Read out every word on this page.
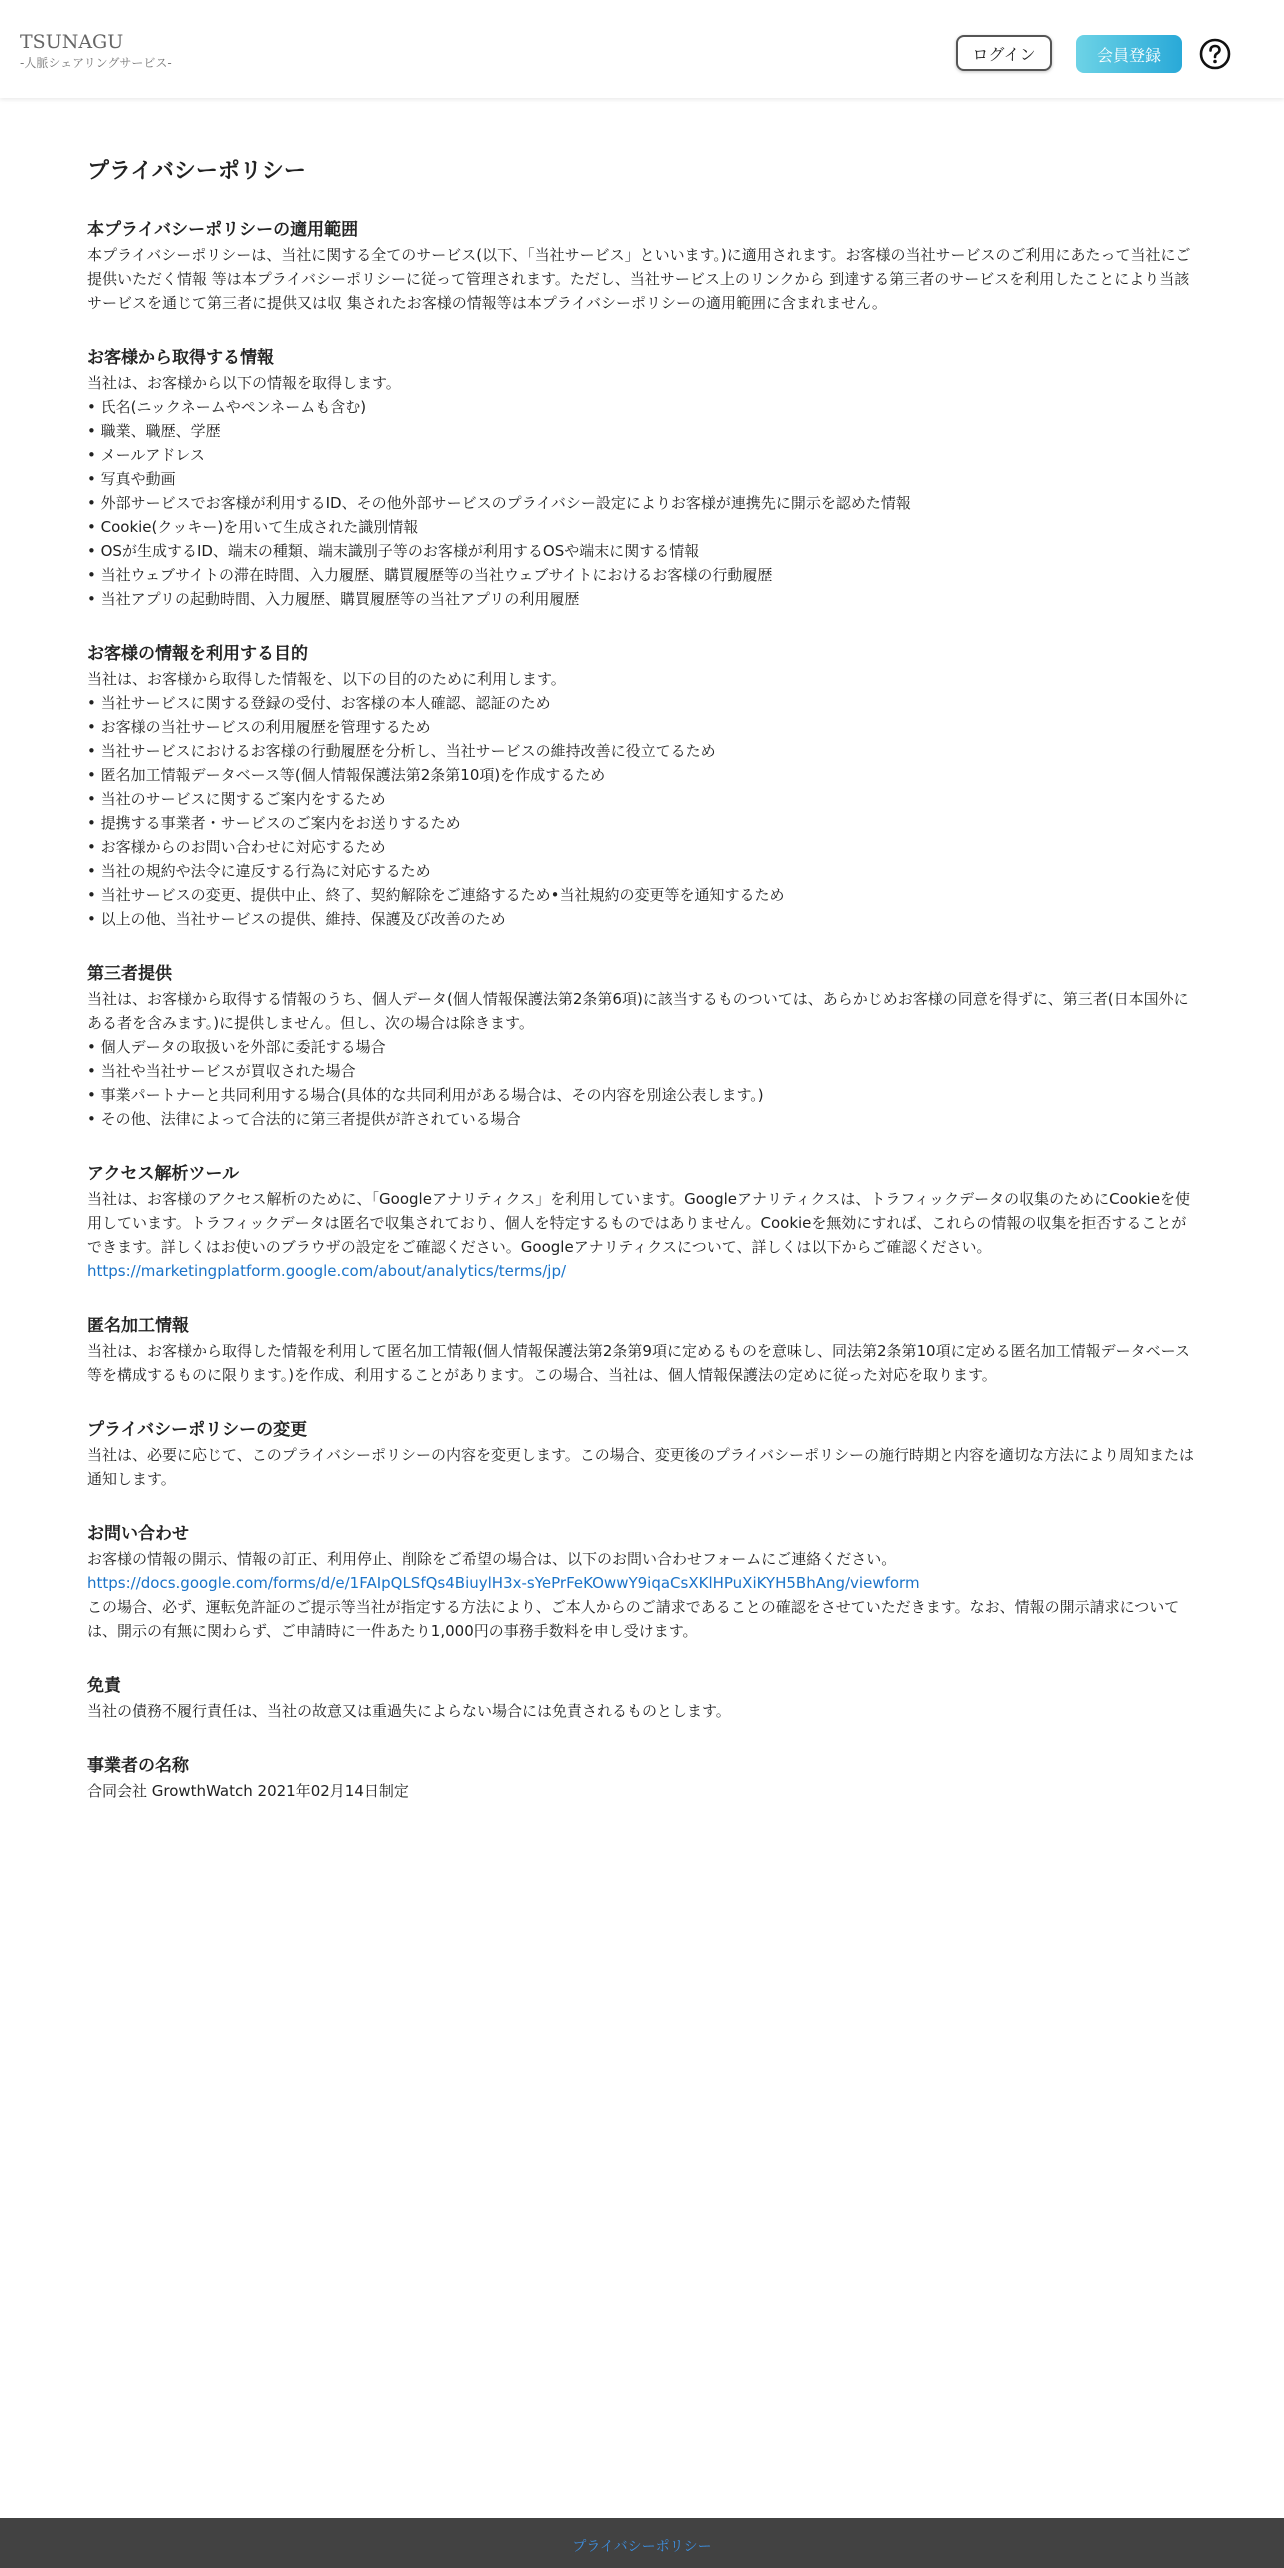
TSUNAGU
-人脈シェアリングサービス-	ログイン	会員登録
プライバシーポリシー
本プライバシーポリシーの適用範囲

本プライバシーポリシーは、当社に関する全てのサービス(以下、「当社サービス」といいます。)に適用されます。お客様の当社サービスのご利用にあたって当社にご提供いただく情報 等は本プライバシーポリシーに従って管理されます。ただし、当社サービス上のリンクから 到達する第三者のサービスを利用したことにより当該サービスを通じて第三者に提供又は収 集されたお客様の情報等は本プライバシーポリシーの適用範囲に含まれません。

お客様から取得する情報

当社は、お客様から以下の情報を取得します。

• 氏名(ニックネームやペンネームも含む)
• 職業、職歴、学歴
• メールアドレス
• 写真や動画
• 外部サービスでお客様が利用するID、その他外部サービスのプライバシー設定によりお客様が連携先に開示を認めた情報
• Cookie(クッキー)を用いて生成された識別情報
• OSが生成するID、端末の種類、端末識別子等のお客様が利用するOSや端末に関する情報
• 当社ウェブサイトの滞在時間、入力履歴、購買履歴等の当社ウェブサイトにおけるお客様の行動履歴
• 当社アプリの起動時間、入力履歴、購買履歴等の当社アプリの利用履歴
お客様の情報を利用する目的

当社は、お客様から取得した情報を、以下の目的のために利用します。

• 当社サービスに関する登録の受付、お客様の本人確認、認証のため
• お客様の当社サービスの利用履歴を管理するため
• 当社サービスにおけるお客様の行動履歴を分析し、当社サービスの維持改善に役立てるため
• 匿名加工情報データベース等(個人情報保護法第2条第10項)を作成するため
• 当社のサービスに関するご案内をするため
• 提携する事業者・サービスのご案内をお送りするため
• お客様からのお問い合わせに対応するため
• 当社の規約や法令に違反する行為に対応するため
• 当社サービスの変更、提供中止、終了、契約解除をご連絡するため•当社規約の変更等を通知するため
• 以上の他、当社サービスの提供、維持、保護及び改善のため
第三者提供

当社は、お客様から取得する情報のうち、個人データ(個人情報保護法第2条第6項)に該当するものついては、あらかじめお客様の同意を得ずに、第三者(日本国外にある者を含みます。)に提供しません。但し、次の場合は除きます。

• 個人データの取扱いを外部に委託する場合
• 当社や当社サービスが買収された場合
• 事業パートナーと共同利用する場合(具体的な共同利用がある場合は、その内容を別途公表します。)
• その他、法律によって合法的に第三者提供が許されている場合
アクセス解析ツール

当社は、お客様のアクセス解析のために、「Googleアナリティクス」を利用しています。Googleアナリティクスは、トラフィックデータの収集のためにCookieを使用しています。トラフィックデータは匿名で収集されており、個人を特定するものではありません。Cookieを無効にすれば、これらの情報の収集を拒否することができます。詳しくはお使いのブラウザの設定をご確認ください。Googleアナリティクスについて、詳しくは以下からご確認ください。

https://marketingplatform.google.com/about/analytics/terms/jp/
匿名加工情報

当社は、お客様から取得した情報を利用して匿名加工情報(個人情報保護法第2条第9項に定めるものを意味し、同法第2条第10項に定める匿名加工情報データベース等を構成するものに限ります。)を作成、利用することがあります。この場合、当社は、個人情報保護法の定めに従った対応を取ります。

プライバシーポリシーの変更

当社は、必要に応じて、このプライバシーポリシーの内容を変更します。この場合、変更後のプライバシーポリシーの施行時期と内容を適切な方法により周知または通知します。

お問い合わせ

お客様の情報の開示、情報の訂正、利用停止、削除をご希望の場合は、以下のお問い合わせフォームにご連絡ください。

https://docs.google.com/forms/d/e/1FAIpQLSfQs4BiuylH3x-sYePrFeKOwwY9iqaCsXKlHPuXiKYH5BhAng/viewform

この場合、必ず、運転免許証のご提示等当社が指定する方法により、ご本人からのご請求であることの確認をさせていただきます。なお、情報の開示請求については、開示の有無に関わらず、ご申請時に一件あたり1,000円の事務手数料を申し受けます。

免責

当社の債務不履行責任は、当社の故意又は重過失によらない場合には免責されるものとします。

事業者の名称

合同会社 GrowthWatch 2021年02月14日制定

プライバシーポリシー
